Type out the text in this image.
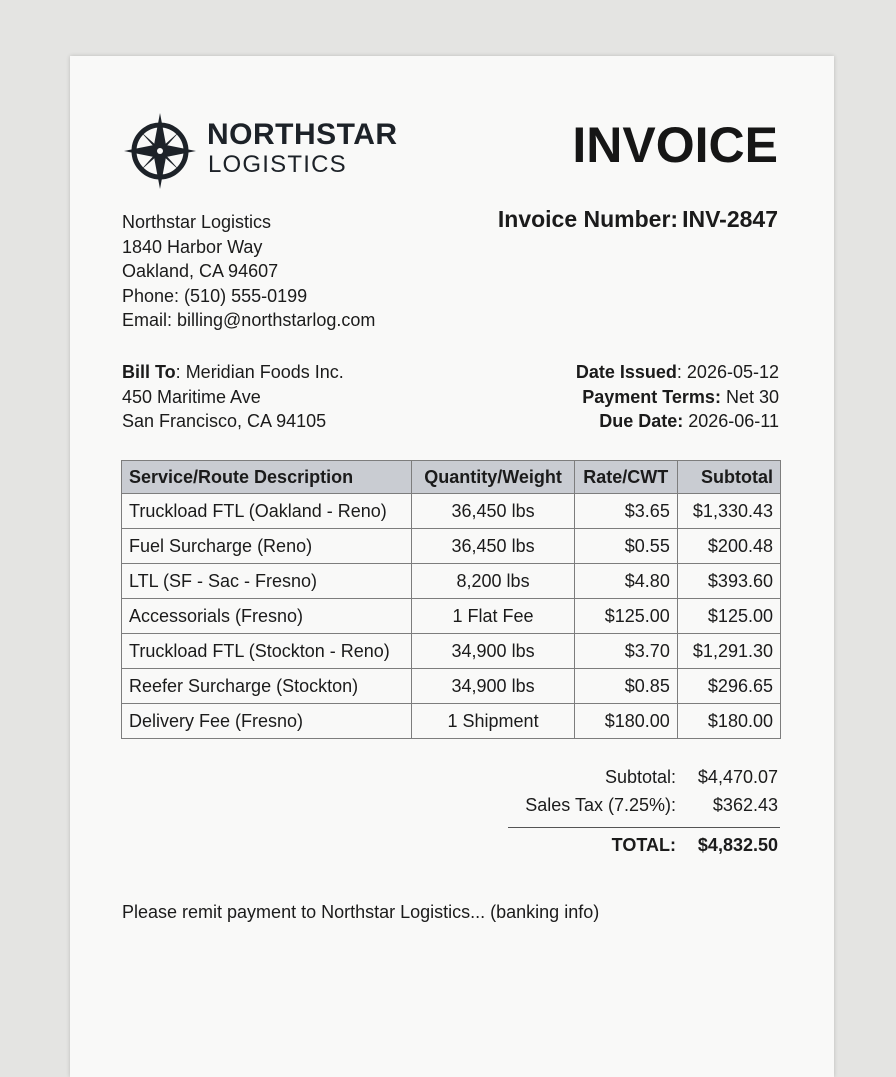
NORTHSTAR
LOGISTICS	INVOICE
Invoice Number: INV-2847
Northstar Logistics
1840 Harbor Way
Oakland, CA 94607
Phone: (510) 555-0199
Email: billing@northstarlog.com
Bill To: Meridian Foods Inc.
450 Maritime Ave
San Francisco, CA 94105
Date Issued: 2026-05-12
Payment Terms: Net 30
Due Date: 2026-06-11
Service/Route Description	Quantity/Weight	Rate/CWT	Subtotal
Truckload FTL (Oakland - Reno)	36,450 lbs	$3.65	$1,330.43
Fuel Surcharge (Reno)	36,450 lbs	$0.55	$200.48
LTL (SF - Sac - Fresno)	8,200 lbs	$4.80	$393.60
Accessorials (Fresno)	1 Flat Fee	$125.00	$125.00
Truckload FTL (Stockton - Reno)	34,900 lbs	$3.70	$1,291.30
Reefer Surcharge (Stockton)	34,900 lbs	$0.85	$296.65
Delivery Fee (Fresno)	1 Shipment	$180.00	$180.00
Subtotal:	$4,470.07
Sales Tax (7.25%):	$362.43
TOTAL:	$4,832.50
Please remit payment to Northstar Logistics... (banking info)
